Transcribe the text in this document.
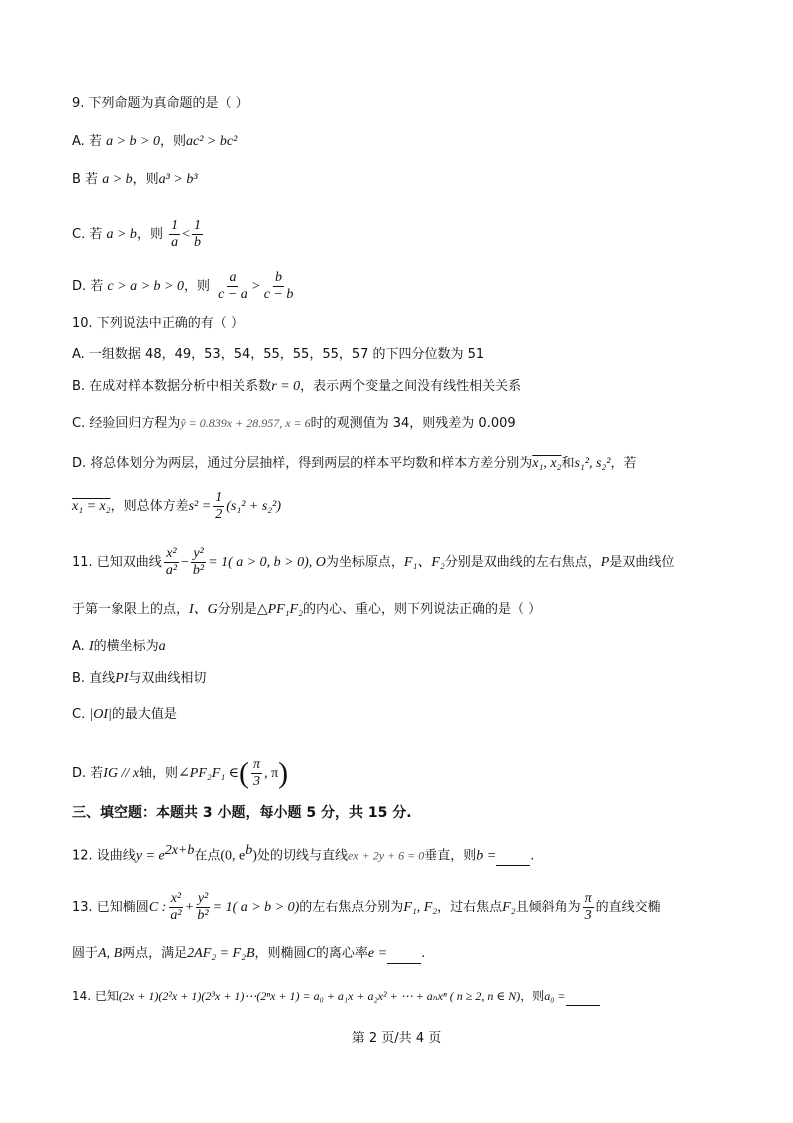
9. 下列命题为真命题的是（ ）
A. 若 a > b > 0，则ac² > bc²
B 若 a > b，则a³ > b³
C. 若 a > b，则 $\frac{1}{a} < \frac{1}{b}$
D. 若 c > a > b > 0，则 $\frac{a}{c - a} > \frac{b}{c - b}$
10. 下列说法中正确的有（ ）
A. 一组数据 48，49，53，54，55，55，55，57 的下四分位数为 51
B. 在成对样本数据分析中相关系数r = 0，表示两个变量之间没有线性相关关系
C. 经验回归方程为ŷ = 0.839x + 28.957, x = 6时的观测值为 34，则残差为 0.009
D. 将总体划分为两层，通过分层抽样，得到两层的样本平均数和样本方差分别为x₁, x₂和s₁², s₂²，若
x₁ = x₂，则总体方差$s^2 = \frac{1}{2} (s_1^2 + s_2^2)$
11. 已知双曲线 $\frac{\text{x²}}{\text{a²}} - \frac{\text{y²}}{\text{b²}} = 1$( a > 0, b > 0), O为坐标原点，F₁、F₂分别是双曲线的左右焦点，P是双曲线位
于第一象限上的点，I、G分别是△PF₁F₂的内心、重心，则下列说法正确的是（ ）
A. I的横坐标为a
B. 直线PI与双曲线相切
C. |OI|的最大值是
D. 若IG // x轴，则∠PF₂F₁ ∈( $\frac{\pi}{3}$ , π)
三、填空题：本题共 3 小题，每小题 5 分，共 15 分.
12. 设曲线$y = e^{2x+b}$在点(0, $e^b$)处的切线与直线ex + 2y + 6 = 0垂直，则b =	.
13. 已知椭圆C : $\frac{\text{x²}}{\text{a²}} + \frac{\text{y²}}{\text{b²}} = 1$( a > b > 0)的左右焦点分别为F₁, F₂，过右焦点F₂且倾斜角为 $\frac{\pi}{3}$ 的直线交椭
圆于A, B两点，满足2AF₂ = F₂B，则椭圆C的离心率e =	.
14. 已知(2x + 1)(2²x + 1)(2³x + 1)⋯(2ⁿx + 1) = a₀ + a₁x + a₂x² + ⋯ + aₙxⁿ ( n ≥ 2, n ∈ N)，则a₀ =
第 2 页/共 4 页
